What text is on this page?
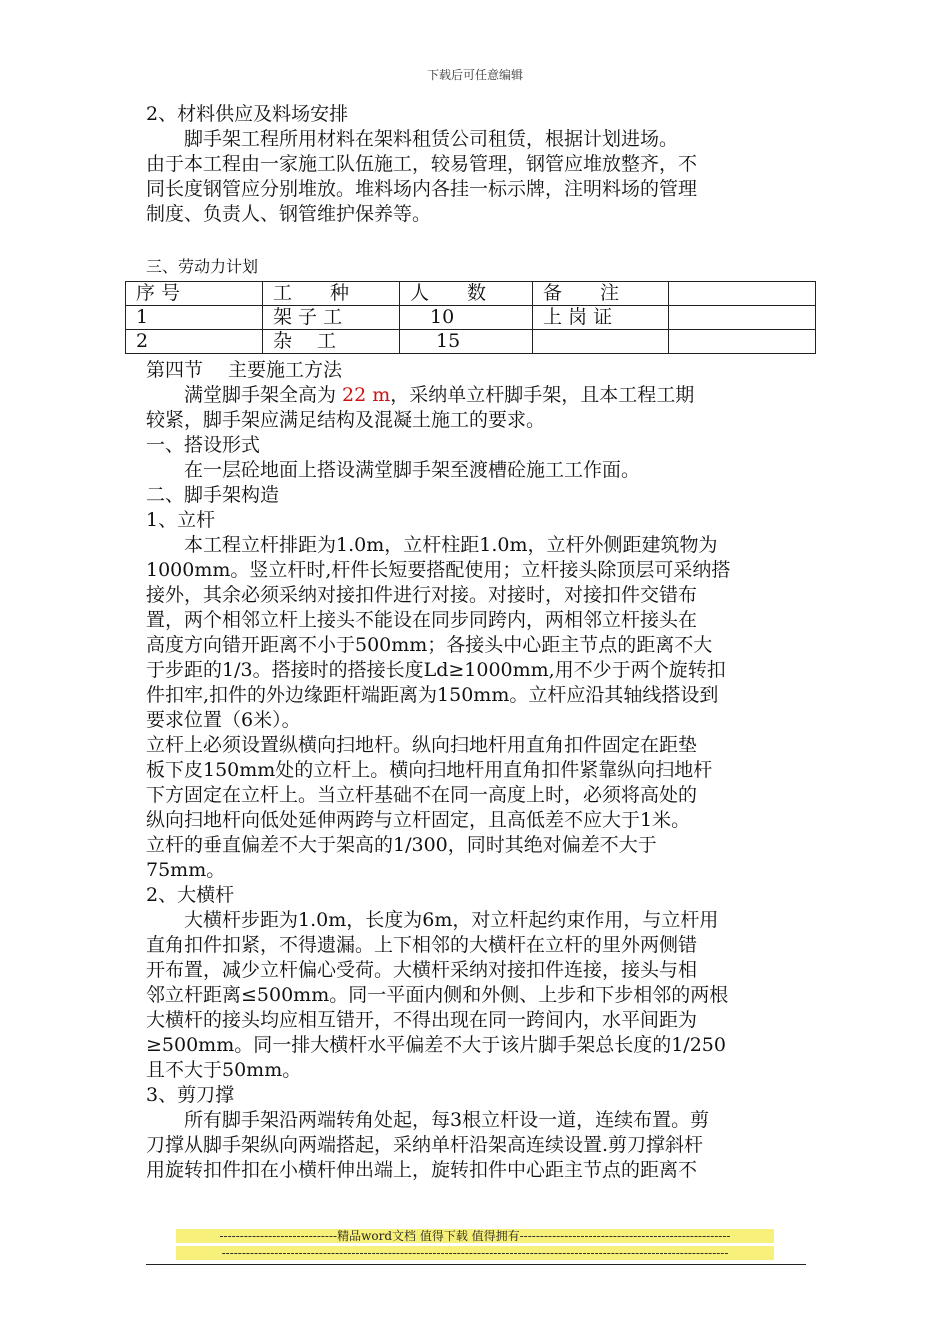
下载后可任意编辑
2、材料供应及料场安排
　　脚手架工程所用材料在架料租赁公司租赁，根据计划进场。
由于本工程由一家施工队伍施工，较易管理，钢管应堆放整齐，不
同长度钢管应分别堆放。堆料场内各挂一标示牌，注明料场的管理
制度、负责人、钢管维护保养等。
三、劳动力计划
序 号	工　　种	人　　数	备　　注	
1	架 子 工	10	上 岗 证	
2	杂　 工	15		
第四节　 主要施工方法
　　满堂脚手架全高为 22 m，采纳单立杆脚手架，且本工程工期
较紧，脚手架应满足结构及混凝土施工的要求。
一、搭设形式
　　在一层砼地面上搭设满堂脚手架至渡槽砼施工工作面。
二、脚手架构造
1、立杆
　　本工程立杆排距为1.0m，立杆柱距1.0m，立杆外侧距建筑物为
1000mm。竖立杆时,杆件长短要搭配使用；立杆接头除顶层可采纳搭
接外，其余必须采纳对接扣件进行对接。对接时，对接扣件交错布
置，两个相邻立杆上接头不能设在同步同跨内，两相邻立杆接头在
高度方向错开距离不小于500mm；各接头中心距主节点的距离不大
于步距的1/3。搭接时的搭接长度Ld≥1000mm,用不少于两个旋转扣
件扣牢,扣件的外边缘距杆端距离为150mm。立杆应沿其轴线搭设到
要求位置（6米）。
立杆上必须设置纵横向扫地杆。纵向扫地杆用直角扣件固定在距垫
板下皮150mm处的立杆上。横向扫地杆用直角扣件紧靠纵向扫地杆
下方固定在立杆上。当立杆基础不在同一高度上时，必须将高处的
纵向扫地杆向低处延伸两跨与立杆固定，且高低差不应大于1米。
立杆的垂直偏差不大于架高的1/300，同时其绝对偏差不大于
75mm。
2、大横杆
　　大横杆步距为1.0m，长度为6m，对立杆起约束作用，与立杆用
直角扣件扣紧，不得遗漏。上下相邻的大横杆在立杆的里外两侧错
开布置，减少立杆偏心受荷。大横杆采纳对接扣件连接，接头与相
邻立杆距离≤500mm。同一平面内侧和外侧、上步和下步相邻的两根
大横杆的接头均应相互错开，不得出现在同一跨间内，水平间距为
≥500mm。同一排大横杆水平偏差不大于该片脚手架总长度的1/250
且不大于50mm。
3、剪刀撑
　　所有脚手架沿两端转角处起，每3根立杆设一道，连续布置。剪
刀撑从脚手架纵向两端搭起，采纳单杆沿架高连续设置.剪刀撑斜杆
用旋转扣件扣在小横杆伸出端上，旋转扣件中心距主节点的距离不
-----------------------------精品word文档 值得下载 值得拥有----------------------------------------------------
-----------------------------------------------------------------------------------------------------------------------------
